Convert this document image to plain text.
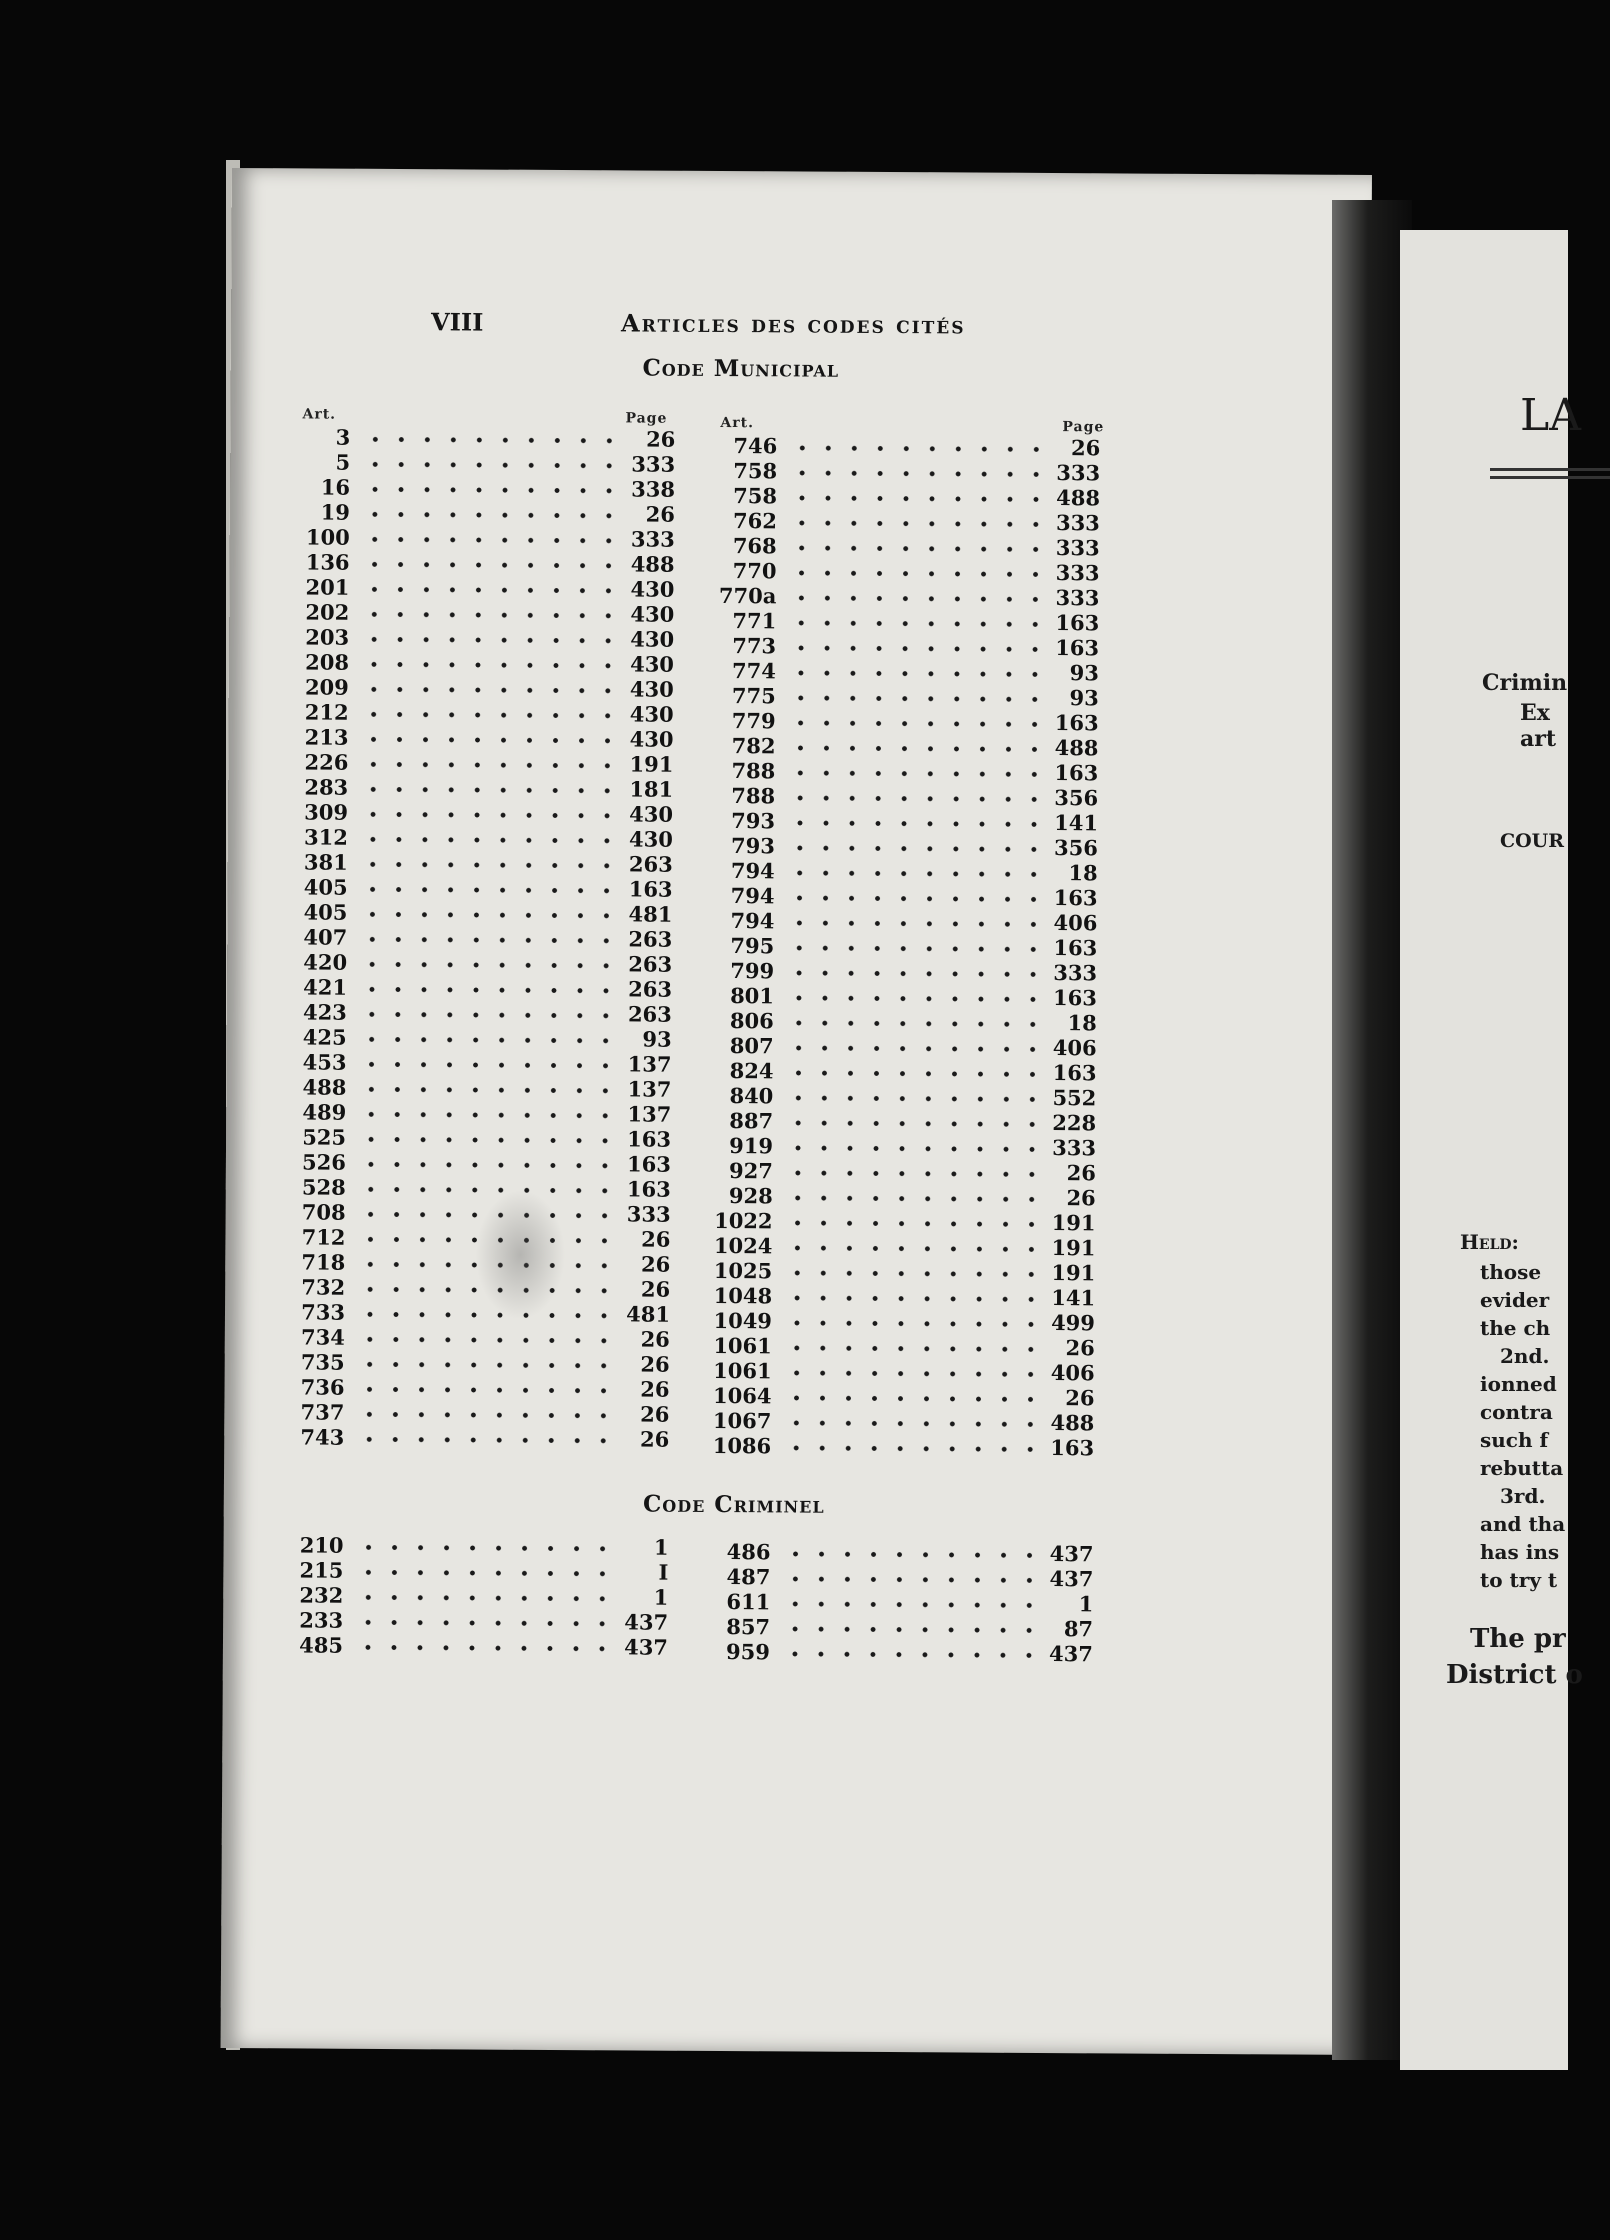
VIII	Articles des codes cités
Code Municipal
Art.	Page	Art.	Page
3	26
5	333
16	338
19	26
100	333
136	488
201	430
202	430
203	430
208	430
209	430
212	430
213	430
226	191
283	181
309	430
312	430
381	263
405	163
405	481
407	263
420	263
421	263
423	263
425	93
453	137
488	137
489	137
525	163
526	163
528	163
708	333
712	26
718	26
732	26
733	481
734	26
735	26
736	26
737	26
743	26
746	26
758	333
758	488
762	333
768	333
770	333
770a	333
771	163
773	163
774	93
775	93
779	163
782	488
788	163
788	356
793	141
793	356
794	18
794	163
794	406
795	163
799	333
801	163
806	18
807	406
824	163
840	552
887	228
919	333
927	26
928	26
1022	191
1024	191
1025	191
1048	141
1049	499
1061	26
1061	406
1064	26
1067	488
1086	163
Code Criminel
210	1
215	I
232	1
233	437
485	437
486	437
487	437
611	1
857	87
959	437
LA
Crimin
Ex
art
COUR
Held:
those
evider
the ch
2nd.
ionned
contra
such f
rebutta
3rd.
and tha
has ins
to try t
The pr
District o
